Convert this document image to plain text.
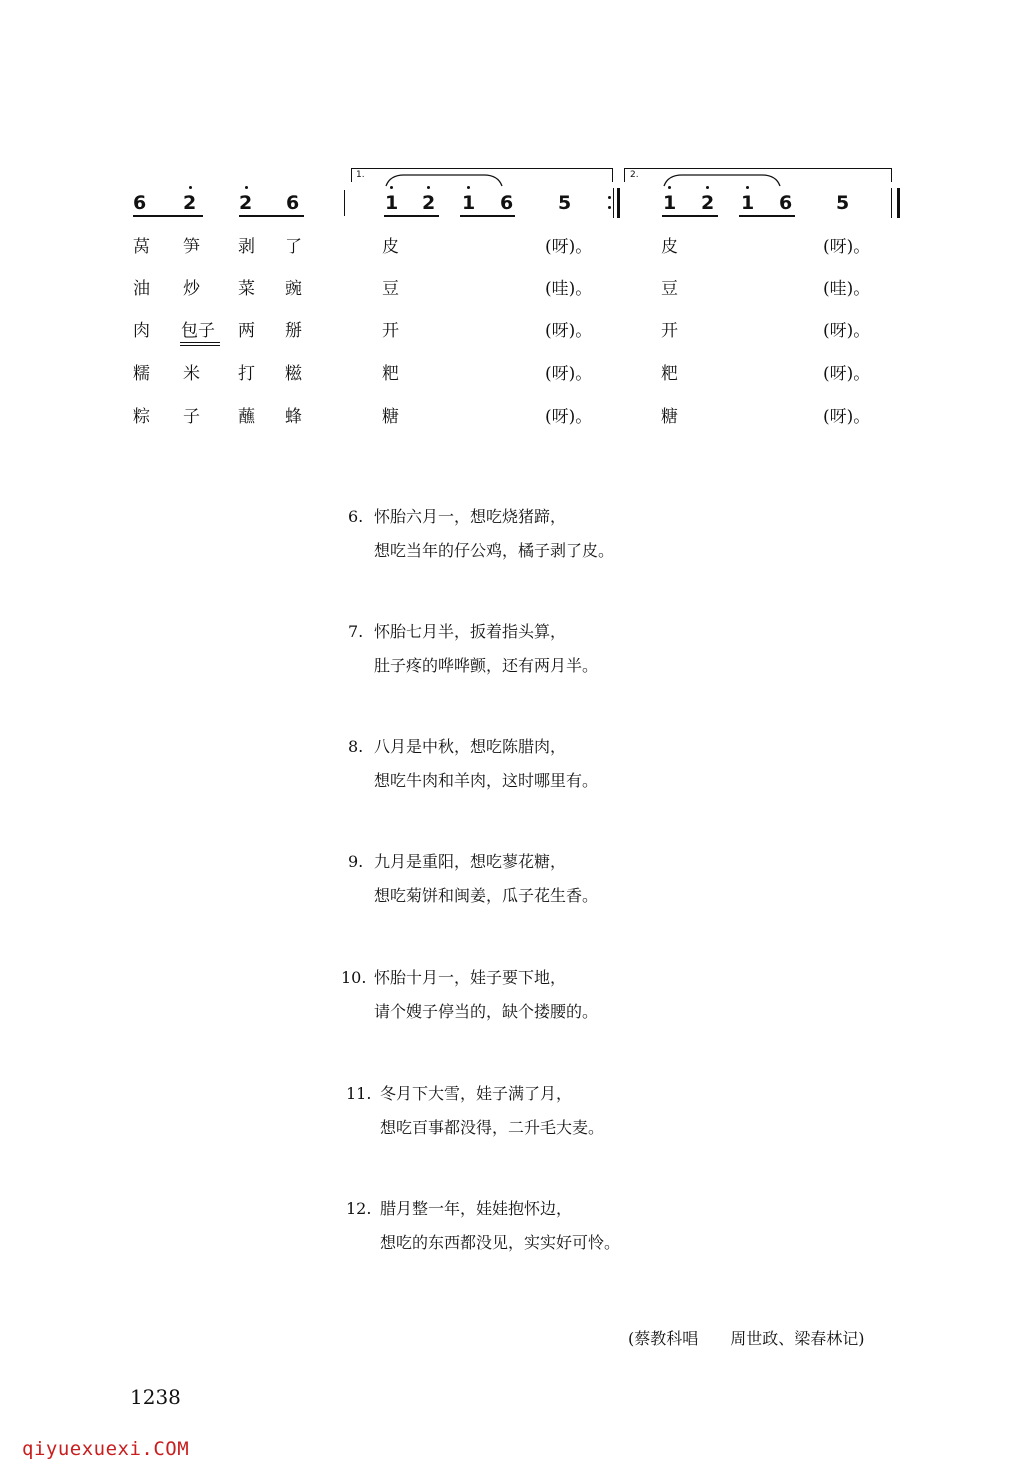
6 2 2 6
1.
1 2 1 6 5
2.
1 2 1 6 5
莴 笋 剥 了	皮	(呀)。	皮	(呀)。
油 炒 菜 豌	豆	(哇)。	豆	(哇)。
肉 包子 两 掰	开	(呀)。	开	(呀)。
糯 米 打 糍	粑	(呀)。	粑	(呀)。
粽 子 蘸 蜂	糖	(呀)。	糖	(呀)。
6. 怀胎六月一，想吃烧猪蹄，
想吃当年的仔公鸡，橘子剥了皮。
7. 怀胎七月半，扳着指头算，
肚子疼的哗哗颤，还有两月半。
8. 八月是中秋，想吃陈腊肉，
想吃牛肉和羊肉，这时哪里有。
9. 九月是重阳，想吃蓼花糖，
想吃菊饼和闽姜，瓜子花生香。
10. 怀胎十月一，娃子要下地，
请个嫂子停当的，缺个搂腰的。
11. 冬月下大雪，娃子满了月，
想吃百事都没得，二升毛大麦。
12. 腊月整一年，娃娃抱怀边，
想吃的东西都没见，实实好可怜。
(蔡教科唱　　周世政、梁春林记)
1238
qiyuexuexi.COM
